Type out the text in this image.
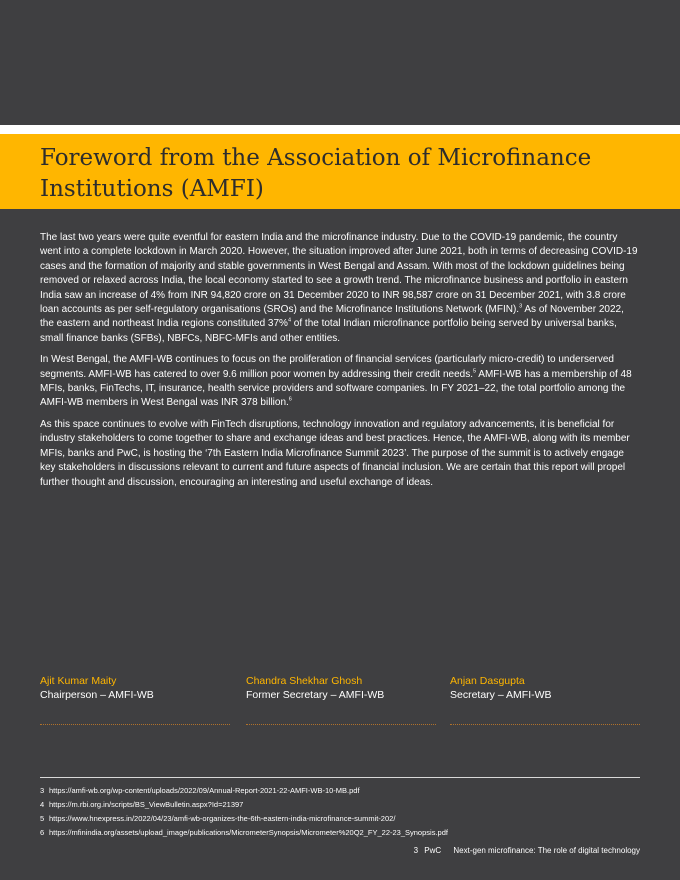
Foreword from the Association of Microfinance Institutions (AMFI)

The last two years were quite eventful for eastern India and the microfinance industry. Due to the COVID-19 pandemic, the country went into a complete lockdown in March 2020. However, the situation improved after June 2021, both in terms of decreasing COVID-19 cases and the formation of majority and stable governments in West Bengal and Assam. With most of the lockdown guidelines being removed or relaxed across India, the local economy started to see a growth trend. The microfinance business and portfolio in eastern India saw an increase of 4% from INR 94,820 crore on 31 December 2020 to INR 98,587 crore on 31 December 2021, with 3.8 crore loan accounts as per self-regulatory organisations (SROs) and the Microfinance Institutions Network (MFIN).$^3$ As of November 2022, the eastern and northeast India regions constituted 37%$^4$ of the total Indian microfinance portfolio being served by universal banks, small finance banks (SFBs), NBFCs, NBFC-MFIs and other entities.

In West Bengal, the AMFI-WB continues to focus on the proliferation of financial services (particularly micro-credit) to underserved segments. AMFI-WB has catered to over 9.6 million poor women by addressing their credit needs.$^5$ AMFI-WB has a membership of 48 MFIs, banks, FinTechs, IT, insurance, health service providers and software companies. In FY 2021–22, the total portfolio among the AMFI-WB members in West Bengal was INR 378 billion.$^6$

As this space continues to evolve with FinTech disruptions, technology innovation and regulatory advancements, it is beneficial for industry stakeholders to come together to share and exchange ideas and best practices. Hence, the AMFI-WB, along with its member MFIs, banks and PwC, is hosting the ‘7th Eastern India Microfinance Summit 2023’. The purpose of the summit is to actively engage key stakeholders in discussions relevant to current and future aspects of financial inclusion. We are certain that this report will propel further thought and discussion, encouraging an interesting and useful exchange of ideas.

Ajit Kumar Maity
Chairperson – AMFI-WB
Chandra Shekhar Ghosh
Former Secretary – AMFI-WB
Anjan Dasgupta
Secretary – AMFI-WB
3 https://amfi-wb.org/wp-content/uploads/2022/09/Annual-Report-2021-22-AMFI-WB-10-MB.pdf
4 https://m.rbi.org.in/scripts/BS_ViewBulletin.aspx?Id=21397
5 https://www.hnexpress.in/2022/04/23/amfi-wb-organizes-the-6th-eastern-india-microfinance-summit-202/
6 https://mfinindia.org/assets/upload_image/publications/MicrometerSynopsis/Micrometer%20Q2_FY_22-23_Synopsis.pdf
3 PwC Next-gen microfinance: The role of digital technology
